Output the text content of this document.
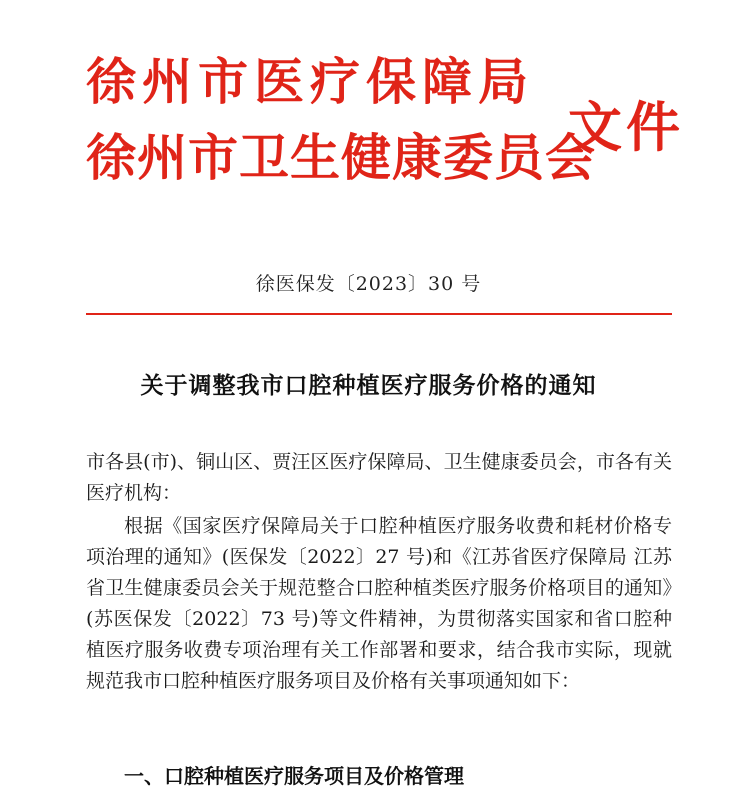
徐州市医疗保障局
徐州市卫生健康委员会
文件
徐医保发〔2023〕30 号
关于调整我市口腔种植医疗服务价格的通知
市各县(市)、铜山区、贾汪区医疗保障局、卫生健康委员会，市各有关医疗机构：
根据《国家医疗保障局关于口腔种植医疗服务收费和耗材价格专项治理的通知》(医保发〔2022〕27 号)和《江苏省医疗保障局 江苏省卫生健康委员会关于规范整合口腔种植类医疗服务价格项目的通知》(苏医保发〔2022〕73 号)等文件精神，为贯彻落实国家和省口腔种植医疗服务收费专项治理有关工作部署和要求，结合我市实际，现就规范我市口腔种植医疗服务项目及价格有关事项通知如下：
一、口腔种植医疗服务项目及价格管理
